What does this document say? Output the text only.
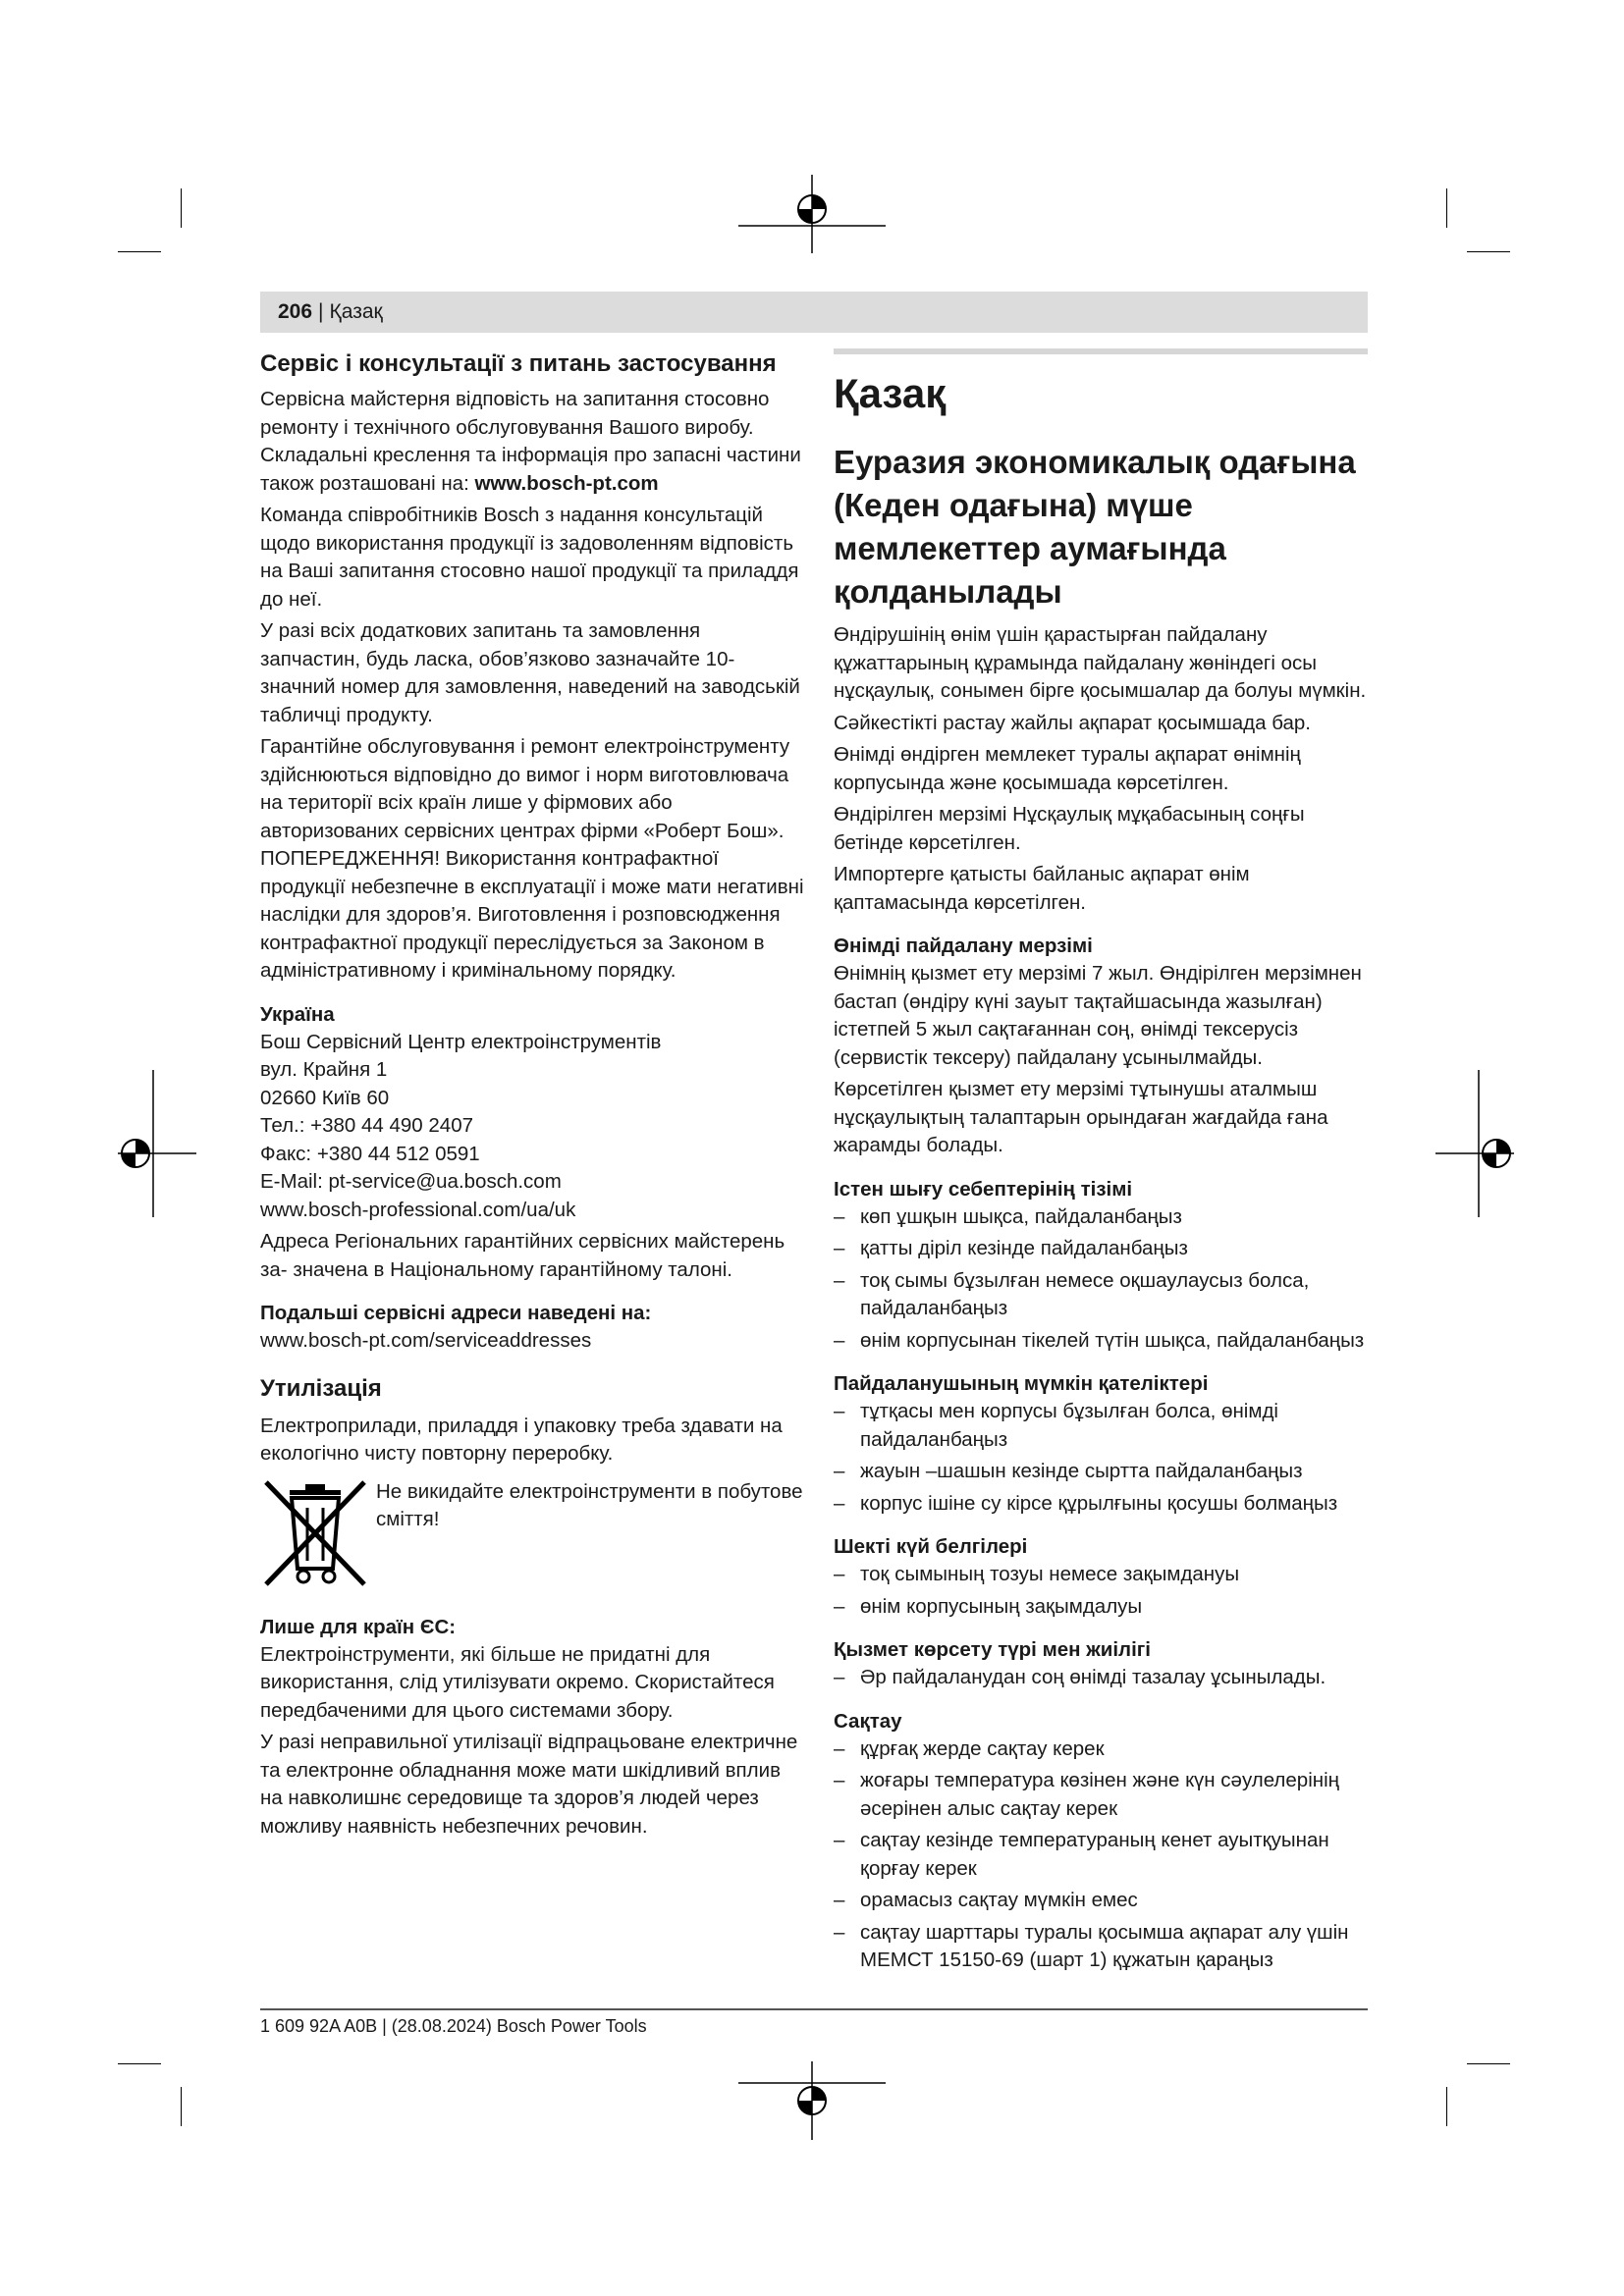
206 | Қазақ
Сервіс і консультації з питань застосування

Сервісна майстерня відповість на запитання стосовно ремонту і технічного обслуговування Вашого виробу. Складальні креслення та інформація про запасні частини також розташовані на: www.bosch-pt.com

Команда співробітників Bosch з надання консультацій щодо використання продукції із задоволенням відповість на Ваші запитання стосовно нашої продукції та приладдя до неї.

У разі всіх додаткових запитань та замовлення запчастин, будь ласка, обов’язково зазначайте 10-значний номер для замовлення, наведений на заводській табличці продукту.

Гарантійне обслуговування і ремонт електроінструменту здійснюються відповідно до вимог і норм виготовлювача на території всіх країн лише у фірмових або авторизованих сервісних центрах фірми «Роберт Бош». ПОПЕРЕДЖЕННЯ! Використання контрафактної продукції небезпечне в експлуатації і може мати негативні наслідки для здоров’я. Виготовлення і розповсюдження контрафактної продукції переслідується за Законом в адміністративному і кримінальному порядку.

Україна
Бош Сервісний Центр електроінструментів
вул. Крайня 1
02660 Київ 60
Тел.: +380 44 490 2407
Факс: +380 44 512 0591
E-Mail: pt-service@ua.bosch.com
www.bosch-professional.com/ua/uk

Адреса Регіональних гарантійних сервісних майстерень за- значена в Національному гарантійному талоні.

Подальші сервісні адреси наведені на:

www.bosch-pt.com/serviceaddresses

Утилізація

Електроприлади, приладдя і упаковку треба здавати на екологічно чисту повторну переробку.

Не викидайте електроінструменти в побутове сміття!
Лише для країн ЄС:

Електроінструменти, які більше не придатні для використання, слід утилізувати окремо. Скористайтеся передбаченими для цього системами збору.

У разі неправильної утилізації відпрацьоване електричне та електронне обладнання може мати шкідливий вплив на навколишнє середовище та здоров’я людей через можливу наявність небезпечних речовин.

Қазақ
Еуразия экономикалық одағына (Кеден одағына) мүше мемлекеттер аумағында қолданылады

Өндірушінің өнім үшін қарастырған пайдалану құжаттарының құрамында пайдалану жөніндегі осы нұсқаулық, сонымен бірге қосымшалар да болуы мүмкін.

Сәйкестікті растау жайлы ақпарат қосымшада бар.

Өнімді өндірген мемлекет туралы ақпарат өнімнің корпусында және қосымшада көрсетілген.

Өндірілген мерзімі Нұсқаулық мұқабасының соңғы бетінде көрсетілген.

Импортерге қатысты байланыс ақпарат өнім қаптамасында көрсетілген.

Өнімді пайдалану мерзімі

Өнімнің қызмет ету мерзімі 7 жыл. Өндірілген мерзімнен бастап (өндіру күні зауыт тақтайшасында жазылған) істетпей 5 жыл сақтағаннан соң, өнімді тексерусіз (сервистік тексеру) пайдалану ұсынылмайды.

Көрсетілген қызмет ету мерзімі тұтынушы аталмыш нұсқаулықтың талаптарын орындаған жағдайда ғана жарамды болады.

Істен шығу себептерінің тізімі
– көп ұшқын шықса, пайдаланбаңыз
– қатты діріл кезінде пайдаланбаңыз
– тоқ сымы бұзылған немесе оқшаулаусыз болса, пайдаланбаңыз
– өнім корпусынан тікелей түтін шықса, пайдаланбаңыз
Пайдаланушының мүмкін қателіктері
– тұтқасы мен корпусы бұзылған болса, өнімді пайдаланбаңыз
– жауын –шашын кезінде сыртта пайдаланбаңыз
– корпус ішіне су кірсе құрылғыны қосушы болмаңыз
Шекті күй белгілері
– тоқ сымының тозуы немесе зақымдануы
– өнім корпусының зақымдалуы
Қызмет көрсету түрі мен жиілігі
– Әр пайдаланудан соң өнімді тазалау ұсынылады.
Сақтау
– құрғақ жерде сақтау керек
– жоғары температура көзінен және күн сәулелерінің әсерінен алыс сақтау керек
– сақтау кезінде температураның кенет ауытқуынан қорғау керек
– орамасыз сақтау мүмкін емес
– сақтау шарттары туралы қосымша ақпарат алу үшін МЕМСТ 15150-69 (шарт 1) құжатын қараңыз
1 609 92A A0B | (28.08.2024) Bosch Power Tools
